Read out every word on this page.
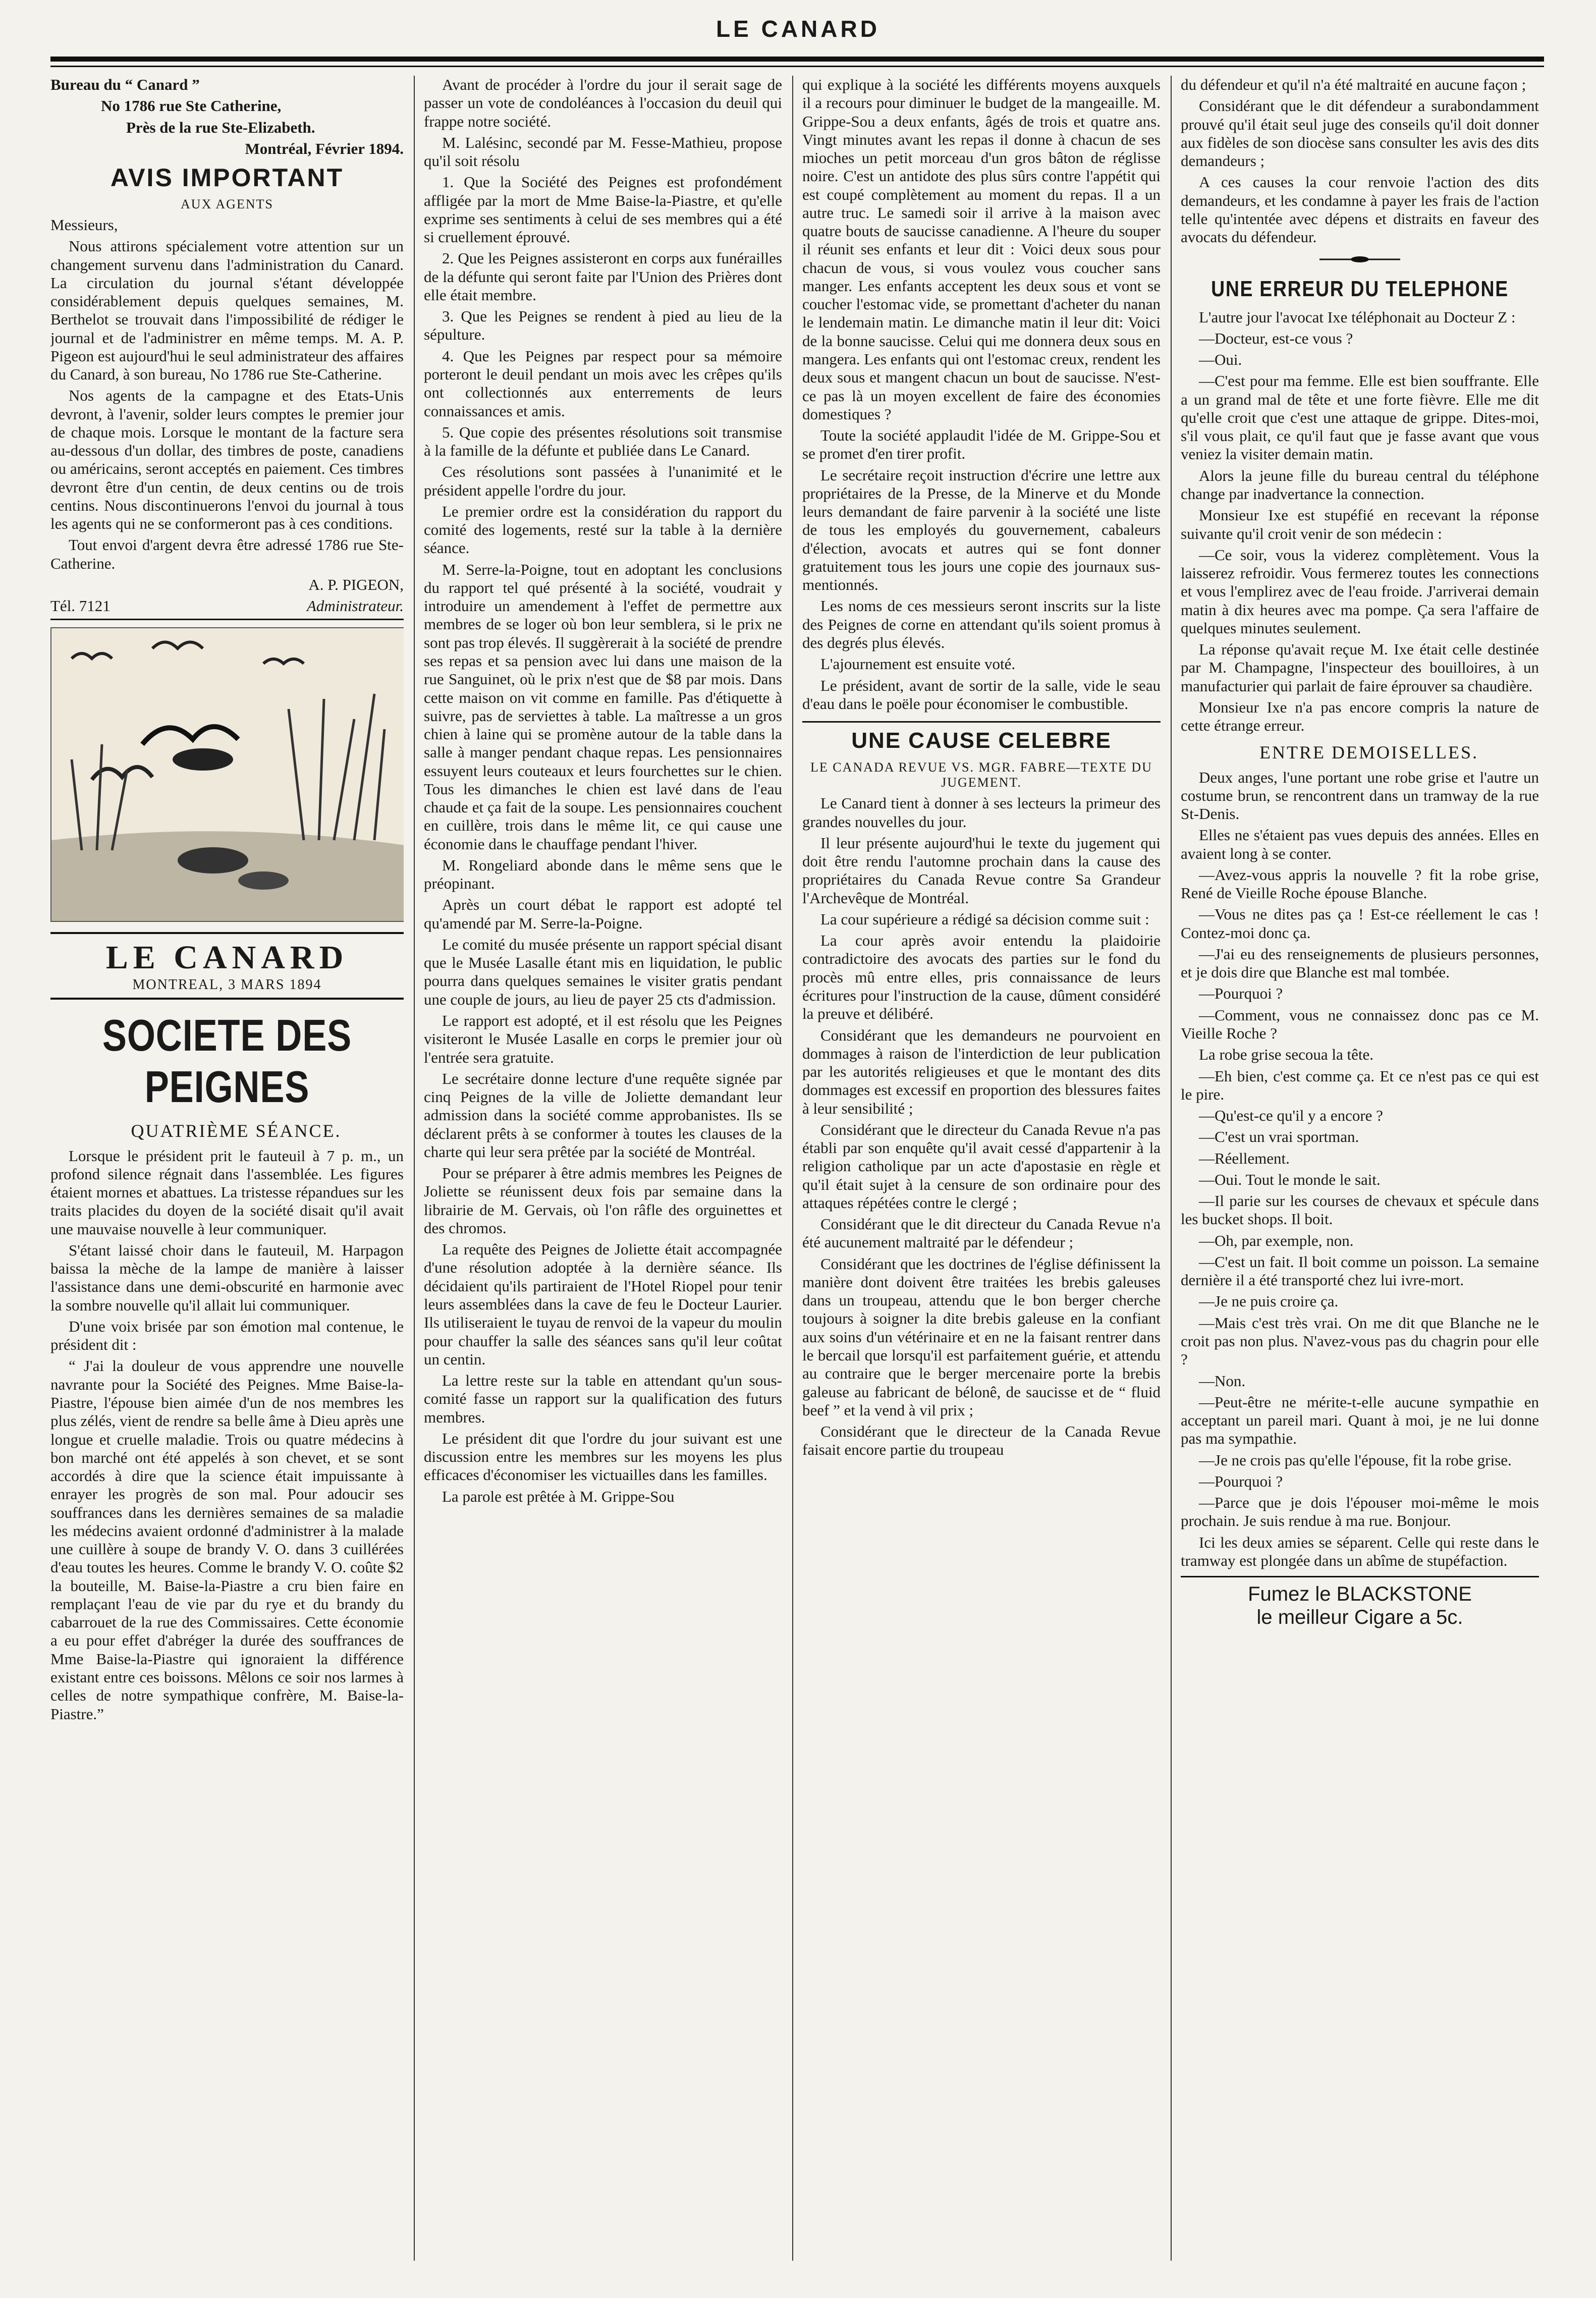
LE CANARD

Bureau du “ Canard ”

No 1786 rue Ste Catherine,

Près de la rue Ste-Elizabeth.

Montréal, Février 1894.

AVIS IMPORTANT
AUX AGENTS

Messieurs,

Nous attirons spécialement votre attention sur un changement survenu dans l'administration du Canard. La circulation du journal s'étant développée considérablement depuis quelques semaines, M. Berthelot se trouvait dans l'impossibilité de rédiger le journal et de l'administrer en même temps. M. A. P. Pigeon est aujourd'hui le seul administrateur des affaires du Canard, à son bureau, No 1786 rue Ste-Catherine.

Nos agents de la campagne et des Etats-Unis devront, à l'avenir, solder leurs comptes le premier jour de chaque mois. Lorsque le montant de la facture sera au-dessous d'un dollar, des timbres de poste, canadiens ou américains, seront acceptés en paiement. Ces timbres devront être d'un centin, de deux centins ou de trois centins. Nous discontinuerons l'envoi du journal à tous les agents qui ne se conformeront pas à ces conditions.

Tout envoi d'argent devra être adressé 1786 rue Ste-Catherine.

A. P. PIGEON,

Tél. 7121	Administrateur.
LE CANARD
MONTREAL, 3 MARS 1894
SOCIETE DES PEIGNES

QUATRIÈME SÉANCE.

Lorsque le président prit le fauteuil à 7 p. m., un profond silence régnait dans l'assemblée. Les figures étaient mornes et abattues. La tristesse répandues sur les traits placides du doyen de la société disait qu'il avait une mauvaise nouvelle à leur communiquer.

S'étant laissé choir dans le fauteuil, M. Harpagon baissa la mèche de la lampe de manière à laisser l'assistance dans une demi-obscurité en harmonie avec la sombre nouvelle qu'il allait lui communiquer.

D'une voix brisée par son émotion mal contenue, le président dit :

“ J'ai la douleur de vous apprendre une nouvelle navrante pour la Société des Peignes. Mme Baise-la-Piastre, l'épouse bien aimée d'un de nos membres les plus zélés, vient de rendre sa belle âme à Dieu après une longue et cruelle maladie. Trois ou quatre médecins à bon marché ont été appelés à son chevet, et se sont accordés à dire que la science était impuissante à enrayer les progrès de son mal. Pour adoucir ses souffrances dans les dernières semaines de sa maladie les médecins avaient ordonné d'administrer à la malade une cuillère à soupe de brandy V. O. dans 3 cuillérées d'eau toutes les heures. Comme le brandy V. O. coûte $2 la bouteille, M. Baise-la-Piastre a cru bien faire en remplaçant l'eau de vie par du rye et du brandy du cabarrouet de la rue des Commissaires. Cette économie a eu pour effet d'abréger la durée des souffrances de Mme Baise-la-Piastre qui ignoraient la différence existant entre ces boissons. Mêlons ce soir nos larmes à celles de notre sympathique confrère, M. Baise-la-Piastre.”

Avant de procéder à l'ordre du jour il serait sage de passer un vote de condoléances à l'occasion du deuil qui frappe notre société.

M. Lalésinc, secondé par M. Fesse-Mathieu, propose qu'il soit résolu

1. Que la Société des Peignes est profondément affligée par la mort de Mme Baise-la-Piastre, et qu'elle exprime ses sentiments à celui de ses membres qui a été si cruellement éprouvé.

2. Que les Peignes assisteront en corps aux funérailles de la défunte qui seront faite par l'Union des Prières dont elle était membre.

3. Que les Peignes se rendent à pied au lieu de la sépulture.

4. Que les Peignes par respect pour sa mémoire porteront le deuil pendant un mois avec les crêpes qu'ils ont collectionnés aux enterrements de leurs connaissances et amis.

5. Que copie des présentes résolutions soit transmise à la famille de la défunte et publiée dans Le Canard.

Ces résolutions sont passées à l'unanimité et le président appelle l'ordre du jour.

Le premier ordre est la considération du rapport du comité des logements, resté sur la table à la dernière séance.

M. Serre-la-Poigne, tout en adoptant les conclusions du rapport tel qué présenté à la société, voudrait y introduire un amendement à l'effet de permettre aux membres de se loger où bon leur semblera, si le prix ne sont pas trop élevés. Il suggèrerait à la société de prendre ses repas et sa pension avec lui dans une maison de la rue Sanguinet, où le prix n'est que de $8 par mois. Dans cette maison on vit comme en famille. Pas d'étiquette à suivre, pas de serviettes à table. La maîtresse a un gros chien à laine qui se promène autour de la table dans la salle à manger pendant chaque repas. Les pensionnaires essuyent leurs couteaux et leurs fourchettes sur le chien. Tous les dimanches le chien est lavé dans de l'eau chaude et ça fait de la soupe. Les pensionnaires couchent en cuillère, trois dans le même lit, ce qui cause une économie dans le chauffage pendant l'hiver.

M. Rongeliard abonde dans le même sens que le préopinant.

Après un court débat le rapport est adopté tel qu'amendé par M. Serre-la-Poigne.

Le comité du musée présente un rapport spécial disant que le Musée Lasalle étant mis en liquidation, le public pourra dans quelques semaines le visiter gratis pendant une couple de jours, au lieu de payer 25 cts d'admission.

Le rapport est adopté, et il est résolu que les Peignes visiteront le Musée Lasalle en corps le premier jour où l'entrée sera gratuite.

Le secrétaire donne lecture d'une requête signée par cinq Peignes de la ville de Joliette demandant leur admission dans la société comme approbanistes. Ils se déclarent prêts à se conformer à toutes les clauses de la charte qui leur sera prêtée par la société de Montréal.

Pour se préparer à être admis membres les Peignes de Joliette se réunissent deux fois par semaine dans la librairie de M. Gervais, où l'on râfle des orguinettes et des chromos.

La requête des Peignes de Joliette était accompagnée d'une résolution adoptée à la dernière séance. Ils décidaient qu'ils partiraient de l'Hotel Riopel pour tenir leurs assemblées dans la cave de feu le Docteur Laurier. Ils utiliseraient le tuyau de renvoi de la vapeur du moulin pour chauffer la salle des séances sans qu'il leur coûtat un centin.

La lettre reste sur la table en attendant qu'un sous-comité fasse un rapport sur la qualification des futurs membres.

Le président dit que l'ordre du jour suivant est une discussion entre les membres sur les moyens les plus efficaces d'économiser les victuailles dans les familles.

La parole est prêtée à M. Grippe-Sou

qui explique à la société les différents moyens auxquels il a recours pour diminuer le budget de la mangeaille. M. Grippe-Sou a deux enfants, âgés de trois et quatre ans. Vingt minutes avant les repas il donne à chacun de ses mioches un petit morceau d'un gros bâton de réglisse noire. C'est un antidote des plus sûrs contre l'appétit qui est coupé complètement au moment du repas. Il a un autre truc. Le samedi soir il arrive à la maison avec quatre bouts de saucisse canadienne. A l'heure du souper il réunit ses enfants et leur dit : Voici deux sous pour chacun de vous, si vous voulez vous coucher sans manger. Les enfants acceptent les deux sous et vont se coucher l'estomac vide, se promettant d'acheter du nanan le lendemain matin. Le dimanche matin il leur dit: Voici de la bonne saucisse. Celui qui me donnera deux sous en mangera. Les enfants qui ont l'estomac creux, rendent les deux sous et mangent chacun un bout de saucisse. N'est-ce pas là un moyen excellent de faire des économies domestiques ?

Toute la société applaudit l'idée de M. Grippe-Sou et se promet d'en tirer profit.

Le secrétaire reçoit instruction d'écrire une lettre aux propriétaires de la Presse, de la Minerve et du Monde leurs demandant de faire parvenir à la société une liste de tous les employés du gouvernement, cabaleurs d'élection, avocats et autres qui se font donner gratuitement tous les jours une copie des journaux sus-mentionnés.

Les noms de ces messieurs seront inscrits sur la liste des Peignes de corne en attendant qu'ils soient promus à des degrés plus élevés.

L'ajournement est ensuite voté.

Le président, avant de sortir de la salle, vide le seau d'eau dans le poële pour économiser le combustible.

UNE CAUSE CELEBRE

LE CANADA REVUE VS. MGR. FABRE—TEXTE DU JUGEMENT.

Le Canard tient à donner à ses lecteurs la primeur des grandes nouvelles du jour.

Il leur présente aujourd'hui le texte du jugement qui doit être rendu l'automne prochain dans la cause des propriétaires du Canada Revue contre Sa Grandeur l'Archevêque de Montréal.

La cour supérieure a rédigé sa décision comme suit :

La cour après avoir entendu la plaidoirie contradictoire des avocats des parties sur le fond du procès mû entre elles, pris connaissance de leurs écritures pour l'instruction de la cause, dûment considéré la preuve et délibéré.

Considérant que les demandeurs ne pourvoient en dommages à raison de l'interdiction de leur publication par les autorités religieuses et que le montant des dits dommages est excessif en proportion des blessures faites à leur sensibilité ;

Considérant que le directeur du Canada Revue n'a pas établi par son enquête qu'il avait cessé d'appartenir à la religion catholique par un acte d'apostasie en règle et qu'il était sujet à la censure de son ordinaire pour des attaques répétées contre le clergé ;

Considérant que le dit directeur du Canada Revue n'a été aucunement maltraité par le défendeur ;

Considérant que les doctrines de l'église définissent la manière dont doivent être traitées les brebis galeuses dans un troupeau, attendu que le bon berger cherche toujours à soigner la dite brebis galeuse en la confiant aux soins d'un vétérinaire et en ne la faisant rentrer dans le bercail que lorsqu'il est parfaitement guérie, et attendu au contraire que le berger mercenaire porte la brebis galeuse au fabricant de bélonê, de saucisse et de “ fluid beef ” et la vend à vil prix ;

Considérant que le directeur de la Canada Revue faisait encore partie du troupeau

du défendeur et qu'il n'a été maltraité en aucune façon ;

Considérant que le dit défendeur a surabondamment prouvé qu'il était seul juge des conseils qu'il doit donner aux fidèles de son diocèse sans consulter les avis des dits demandeurs ;

A ces causes la cour renvoie l'action des dits demandeurs, et les condamne à payer les frais de l'action telle qu'intentée avec dépens et distraits en faveur des avocats du défendeur.

UNE ERREUR DU TELEPHONE

L'autre jour l'avocat Ixe téléphonait au Docteur Z :

—Docteur, est-ce vous ?

—Oui.

—C'est pour ma femme. Elle est bien souffrante. Elle a un grand mal de tête et une forte fièvre. Elle me dit qu'elle croit que c'est une attaque de grippe. Dites-moi, s'il vous plait, ce qu'il faut que je fasse avant que vous veniez la visiter demain matin.

Alors la jeune fille du bureau central du téléphone change par inadvertance la connection.

Monsieur Ixe est stupéfié en recevant la réponse suivante qu'il croit venir de son médecin :

—Ce soir, vous la viderez complètement. Vous la laisserez refroidir. Vous fermerez toutes les connections et vous l'emplirez avec de l'eau froide. J'arriverai demain matin à dix heures avec ma pompe. Ça sera l'affaire de quelques minutes seulement.

La réponse qu'avait reçue M. Ixe était celle destinée par M. Champagne, l'inspecteur des bouilloires, à un manufacturier qui parlait de faire éprouver sa chaudière.

Monsieur Ixe n'a pas encore compris la nature de cette étrange erreur.

ENTRE DEMOISELLES.

Deux anges, l'une portant une robe grise et l'autre un costume brun, se rencontrent dans un tramway de la rue St-Denis.

Elles ne s'étaient pas vues depuis des années. Elles en avaient long à se conter.

—Avez-vous appris la nouvelle ? fit la robe grise, René de Vieille Roche épouse Blanche.

—Vous ne dites pas ça ! Est-ce réellement le cas ! Contez-moi donc ça.

—J'ai eu des renseignements de plusieurs personnes, et je dois dire que Blanche est mal tombée.

—Pourquoi ?

—Comment, vous ne connaissez donc pas ce M. Vieille Roche ?

La robe grise secoua la tête.

—Eh bien, c'est comme ça. Et ce n'est pas ce qui est le pire.

—Qu'est-ce qu'il y a encore ?

—C'est un vrai sportman.

—Réellement.

—Oui. Tout le monde le sait.

—Il parie sur les courses de chevaux et spécule dans les bucket shops. Il boit.

—Oh, par exemple, non.

—C'est un fait. Il boit comme un poisson. La semaine dernière il a été transporté chez lui ivre-mort.

—Je ne puis croire ça.

—Mais c'est très vrai. On me dit que Blanche ne le croit pas non plus. N'avez-vous pas du chagrin pour elle ?

—Non.

—Peut-être ne mérite-t-elle aucune sympathie en acceptant un pareil mari. Quant à moi, je ne lui donne pas ma sympathie.

—Je ne crois pas qu'elle l'épouse, fit la robe grise.

—Pourquoi ?

—Parce que je dois l'épouser moi-même le mois prochain. Je suis rendue à ma rue. Bonjour.

Ici les deux amies se séparent. Celle qui reste dans le tramway est plongée dans un abîme de stupéfaction.

Fumez le BLACKSTONE
le meilleur Cigare a 5c.
